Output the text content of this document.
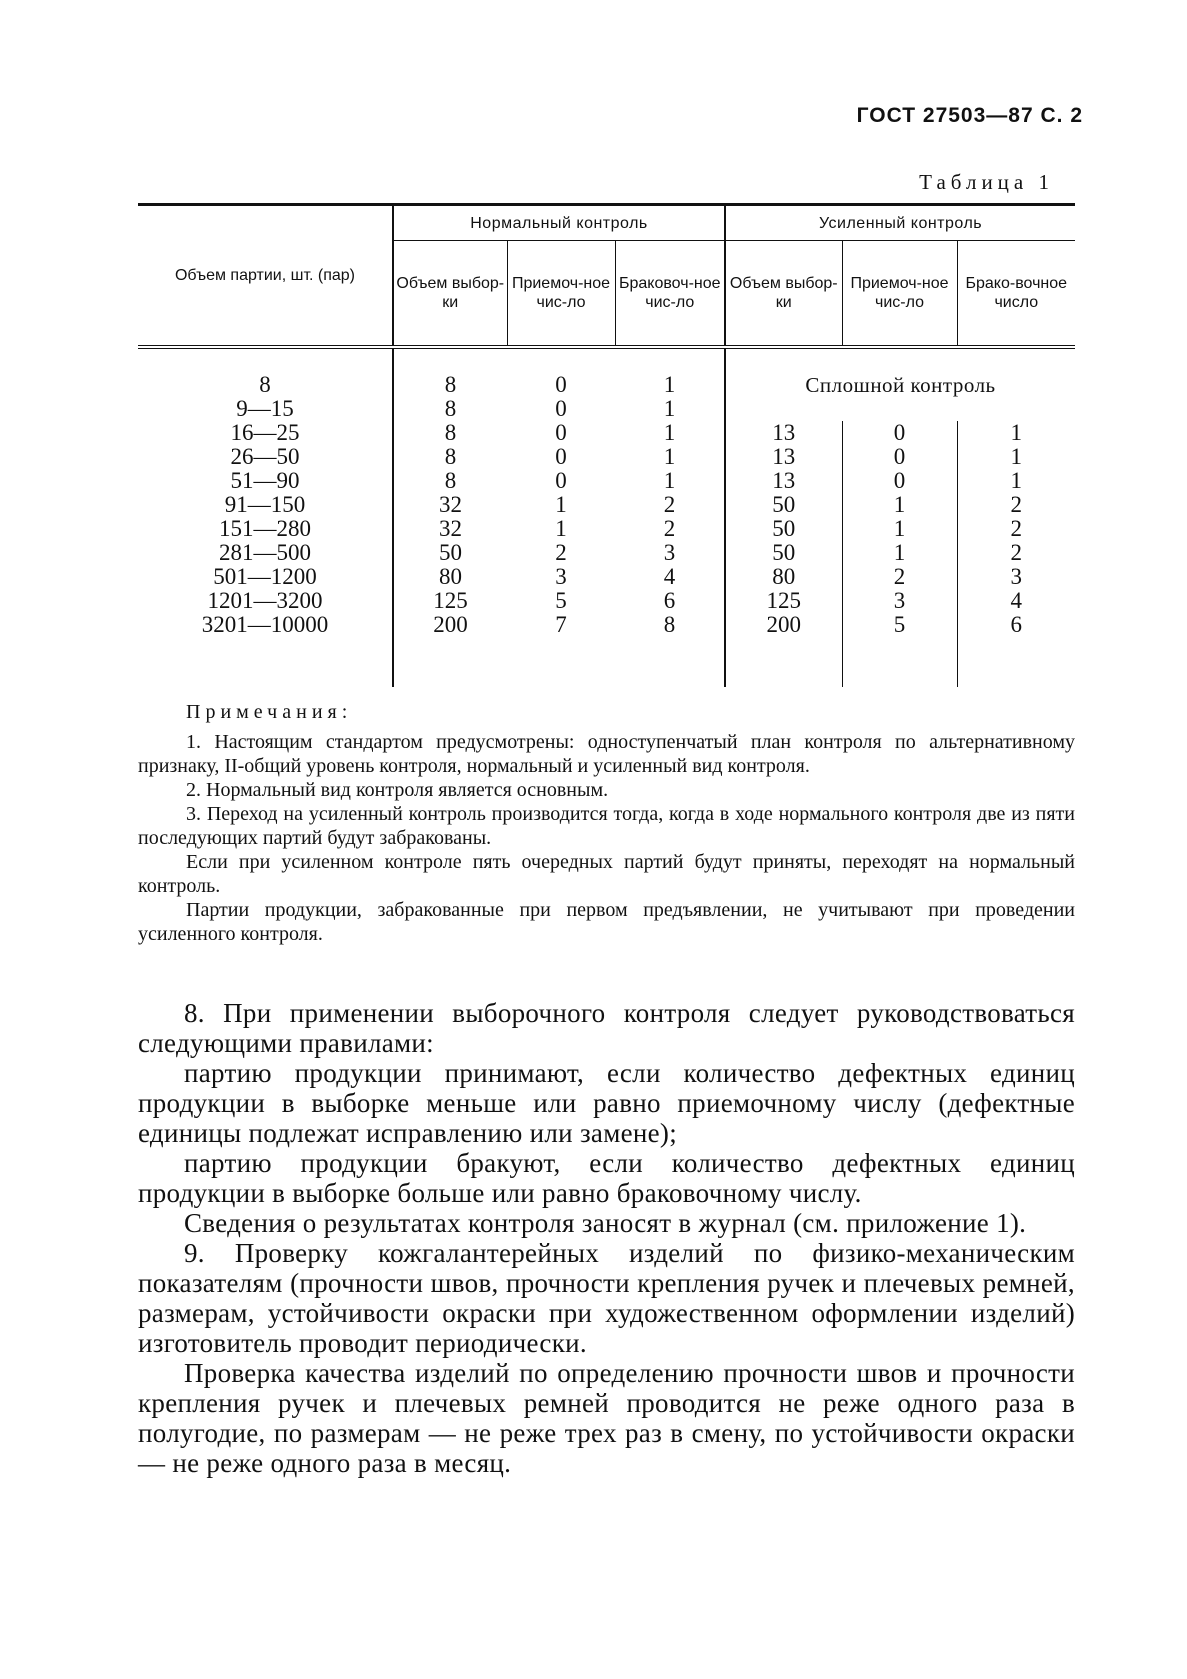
ГОСТ 27503—87 С. 2
Таблица 1
Объем партии, шт. (пар)	Нормальный контроль			Усиленный контроль		
	Объем выбор-ки	Приемоч-ное чис-ло	Браковоч-ное чис-ло	Объем выбор-ки	Приемоч-ное чис-ло	Брако-вочное число
8	8	0	1	Сплошной контроль		
9—15	8	0	1			
16—25	8	0	1	13	0	1
26—50	8	0	1	13	0	1
51—90	8	0	1	13	0	1
91—150	32	1	2	50	1	2
151—280	32	1	2	50	1	2
281—500	50	2	3	50	1	2
501—1200	80	3	4	80	2	3
1201—3200	125	5	6	125	3	4
3201—10000	200	7	8	200	5	6
Примечания:

1. Настоящим стандартом предусмотрены: одноступенчатый план контроля по альтернативному признаку, II-общий уровень контроля, нормальный и усиленный вид контроля.

2. Нормальный вид контроля является основным.

3. Переход на усиленный контроль производится тогда, когда в ходе нормального контроля две из пяти последующих партий будут забракованы.

Если при усиленном контроле пять очередных партий будут приняты, переходят на нормальный контроль.

Партии продукции, забракованные при первом предъявлении, не учитывают при проведении усиленного контроля.

8. При применении выборочного контроля следует руководствоваться следующими правилами:

партию продукции принимают, если количество дефектных единиц продукции в выборке меньше или равно приемочному числу (дефектные единицы подлежат исправлению или замене);

партию продукции бракуют, если количество дефектных единиц продукции в выборке больше или равно браковочному числу.

Сведения о результатах контроля заносят в журнал (см. приложение 1).

9. Проверку кожгалантерейных изделий по физико-механическим показателям (прочности швов, прочности крепления ручек и плечевых ремней, размерам, устойчивости окраски при художественном оформлении изделий) изготовитель проводит периодически.

Проверка качества изделий по определению прочности швов и прочности крепления ручек и плечевых ремней проводится не реже одного раза в полугодие, по размерам — не реже трех раз в смену, по устойчивости окраски — не реже одного раза в месяц.
